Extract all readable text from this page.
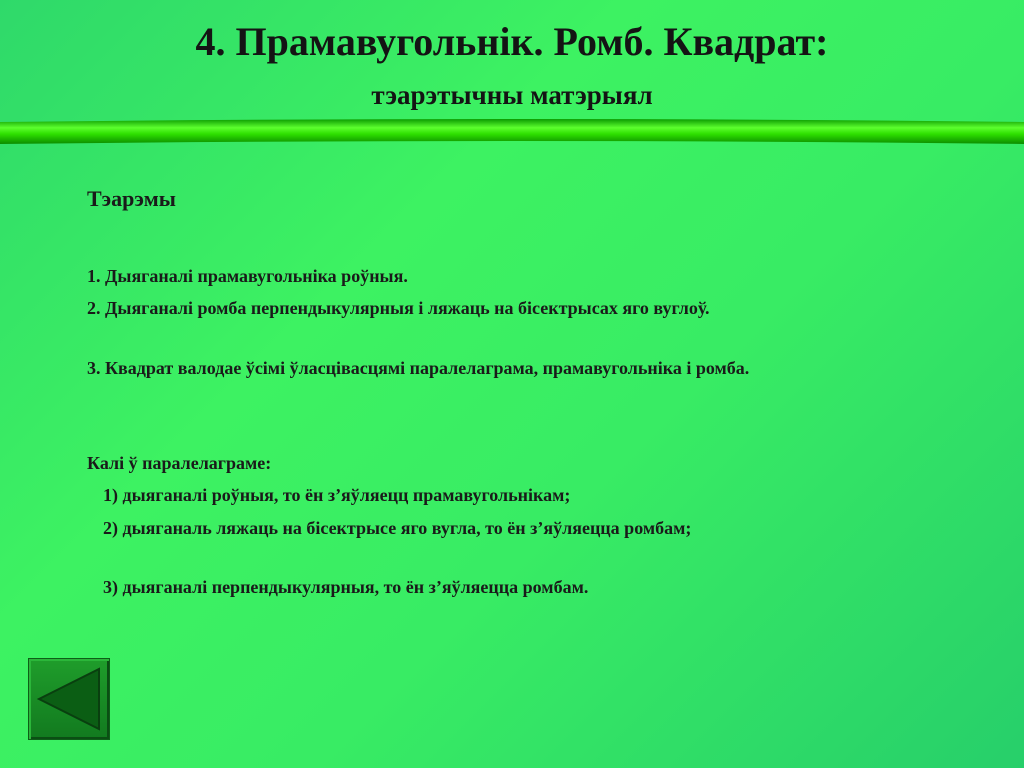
4. Прамавугольнік. Ромб. Квадрат:
тэарэтычны матэрыял
Тэарэмы
1. Дыяганалі прамавугольніка роўныя.
2. Дыяганалі ромба перпендыкулярныя і ляжаць на бісектрысах яго вуглоў.
3. Квадрат валодае ўсімі ўласцівасцямі паралелаграма, прамавугольніка і ромба.
Калі ў паралелаграме:
1) дыяганалі роўныя, то ён з’яўляецц прамавугольнікам;
2) дыяганаль ляжаць на бісектрысе яго вугла, то ён з’яўляецца ромбам;
3) дыяганалі перпендыкулярныя, то ён з’яўляецца ромбам.
